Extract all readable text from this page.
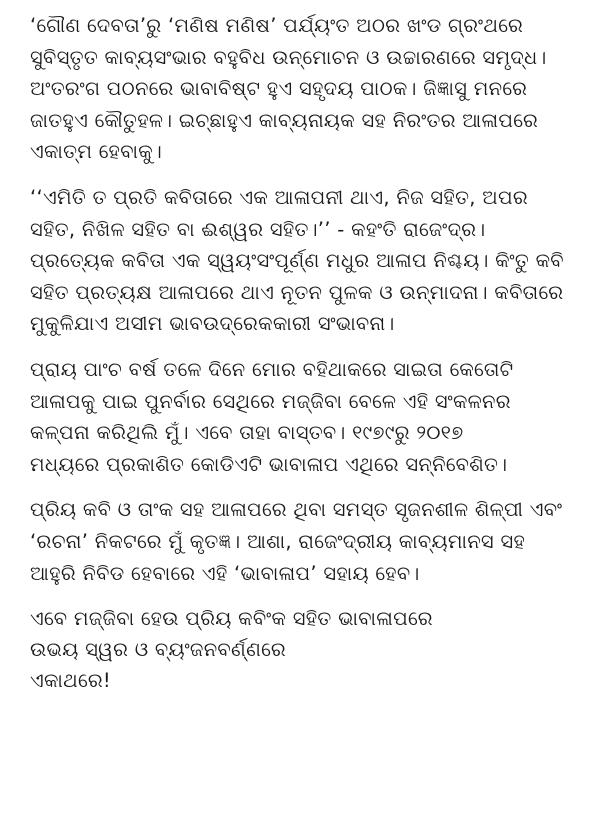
‘ଗୌଣ ଦେବତା’ରୁ ‘ମଣିଷ ମଣିଷ’ ପର୍ଯ୍ୟଂତ ଅଠର ଖଂଡ ଗ୍ରଂଥରେ
ସୁବିସ୍ତୃତ କାବ୍ୟସଂଭାର ବହୁବିଧ ଉନ୍ମୋଚନ ଓ ଉଚ୍ଚାରଣରେ ସମୃଦ୍ଧ।
ଅଂତରଂଗ ପଠନରେ ଭାବାବିଷ୍ଟ ହୁଏ ସହୃଦୟ ପାଠକ। ଜିଜ୍ଞାସୁ ମନରେ
ଜାତହୁଏ କୌତୁହଳ। ଇଚ୍ଛାହୁଏ କାବ୍ୟନାୟକ ସହ ନିରଂତର ଆଳାପରେ
ଏକାତ୍ମ ହେବାକୁ।
‘‘ଏମିତି ତ ପ୍ରତି କବିତାରେ ଏକ ଆଳାପନୀ ଥାଏ, ନିଜ ସହିତ, ଅପର
ସହିତ, ନିଖିଳ ସହିତ ବା ଈଶ୍ୱର ସହିତ।’’ - କହଂତି ରାଜେଂଦ୍ର।
ପ୍ରତ୍ୟେକ କବିତା ଏକ ସ୍ୱୟଂସଂପୂର୍ଣ୍ଣ ମଧୁର ଆଳାପ ନିଶ୍ଚୟ। କିଂତୁ କବି
ସହିତ ପ୍ରତ୍ୟକ୍ଷ ଆଳାପରେ ଥାଏ ନୂତନ ପୁଳକ ଓ ଉନ୍ମାଦନା। କବିତାରେ
ମୁକୁଳିଯାଏ ଅସୀମ ଭାବଉଦ୍ରେକକାରୀ ସଂଭାବନା।
ପ୍ରାୟ ପାଂଚ ବର୍ଷ ତଳେ ଦିନେ ମୋର ବହିଥାକରେ ସାଇତା କେତୋଟି
ଆଳାପକୁ ପାଇ ପୁନର୍ବାର ସେଥିରେ ମଜ୍ଜିବା ବେଳେ ଏହି ସଂକଳନର
କଳ୍ପନା କରିଥିଲି ମୁଁ। ଏବେ ତାହା ବାସ୍ତବ। ୧୯୭୯ରୁ ୨୦୧୭
ମଧ୍ୟରେ ପ୍ରକାଶିତ କୋଡିଏଟି ଭାବାଳାପ ଏଥିରେ ସନ୍ନିବେଶିତ।
ପ୍ରିୟ କବି ଓ ତାଂକ ସହ ଆଳାପରେ ଥିବା ସମସ୍ତ ସୃଜନଶୀଳ ଶିଳ୍ପୀ ଏବଂ
‘ରଚନା’ ନିକଟରେ ମୁଁ କୃତଜ୍ଞ। ଆଶା, ରାଜେଂଦ୍ରୀୟ କାବ୍ୟମାନସ ସହ
ଆହୁରି ନିବିଡ ହେବାରେ ଏହି ‘ଭାବାଳାପ’ ସହାୟ ହେବ।
ଏବେ ମଜ୍ଜିବା ହେଉ ପ୍ରିୟ କବିଂକ ସହିତ ଭାବାଳାପରେ
ଉଭୟ ସ୍ୱର ଓ ବ୍ୟଂଜନବର୍ଣ୍ଣରେ
ଏକାଥରେ!
